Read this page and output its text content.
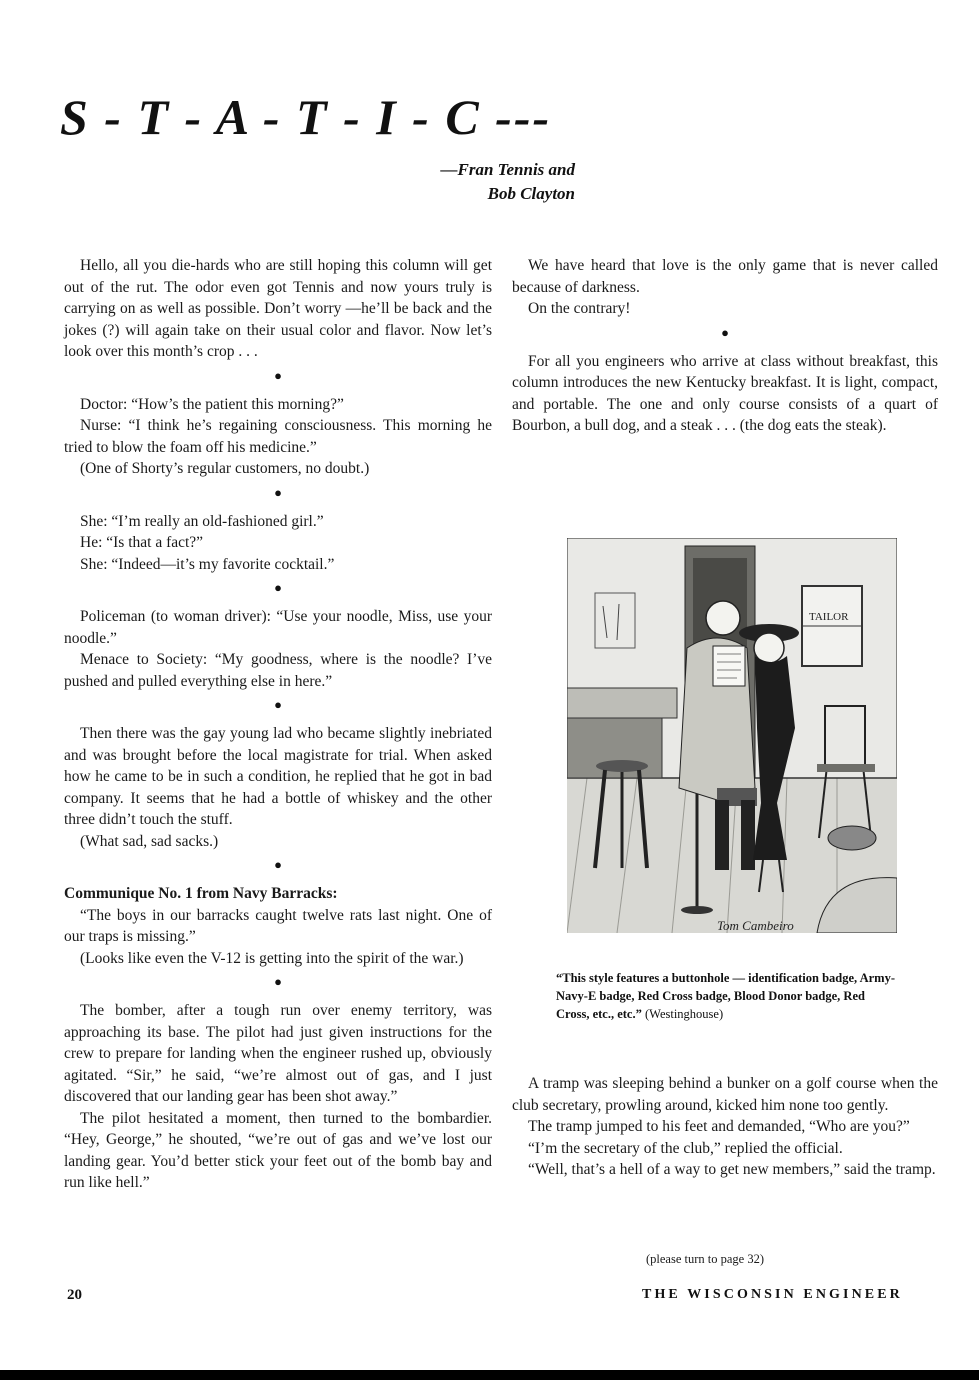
S - T - A - T - I - C ---
—Fran Tennis and
Bob Clayton

Hello, all you die-hards who are still hoping this column will get out of the rut. The odor even got Tennis and now yours truly is carrying on as well as possible. Don’t worry —he’ll be back and the jokes (?) will again take on their usual color and flavor. Now let’s look over this month’s crop . . .

●

Doctor: “How’s the patient this morning?”

Nurse: “I think he’s regaining consciousness. This morning he tried to blow the foam off his medicine.”

(One of Shorty’s regular customers, no doubt.)

●

She: “I’m really an old-fashioned girl.”

He: “Is that a fact?”

She: “Indeed—it’s my favorite cocktail.”

●

Policeman (to woman driver): “Use your noodle, Miss, use your noodle.”

Menace to Society: “My goodness, where is the noodle? I’ve pushed and pulled everything else in here.”

●

Then there was the gay young lad who became slightly inebriated and was brought before the local magistrate for trial. When asked how he came to be in such a condition, he replied that he got in bad company. It seems that he had a bottle of whiskey and the other three didn’t touch the stuff.

(What sad, sad sacks.)

●

Communique No. 1 from Navy Barracks:

“The boys in our barracks caught twelve rats last night. One of our traps is missing.”

(Looks like even the V-12 is getting into the spirit of the war.)

●

The bomber, after a tough run over enemy territory, was approaching its base. The pilot had just given instructions for the crew to prepare for landing when the engineer rushed up, obviously agitated. “Sir,” he said, “we’re almost out of gas, and I just discovered that our landing gear has been shot away.”

The pilot hesitated a moment, then turned to the bombardier. “Hey, George,” he shouted, “we’re out of gas and we’ve lost our landing gear. You’d better stick your feet out of the bomb bay and run like hell.”

We have heard that love is the only game that is never called because of darkness.

On the contrary!

●

For all you engineers who arrive at class without breakfast, this column introduces the new Kentucky breakfast. It is light, compact, and portable. The one and only course consists of a quart of Bourbon, a bull dog, and a steak . . . (the dog eats the steak).

TAILOR
Tom Cambeiro
“This style features a buttonhole — identification badge, Army-Navy-E badge, Red Cross badge, Blood Donor badge, Red Cross, etc., etc.” (Westinghouse)

A tramp was sleeping behind a bunker on a golf course when the club secretary, prowling around, kicked him none too gently.

The tramp jumped to his feet and demanded, “Who are you?”

“I’m the secretary of the club,” replied the official.

“Well, that’s a hell of a way to get new members,” said the tramp.

(please turn to page 32)
20	THE WISCONSIN ENGINEER
